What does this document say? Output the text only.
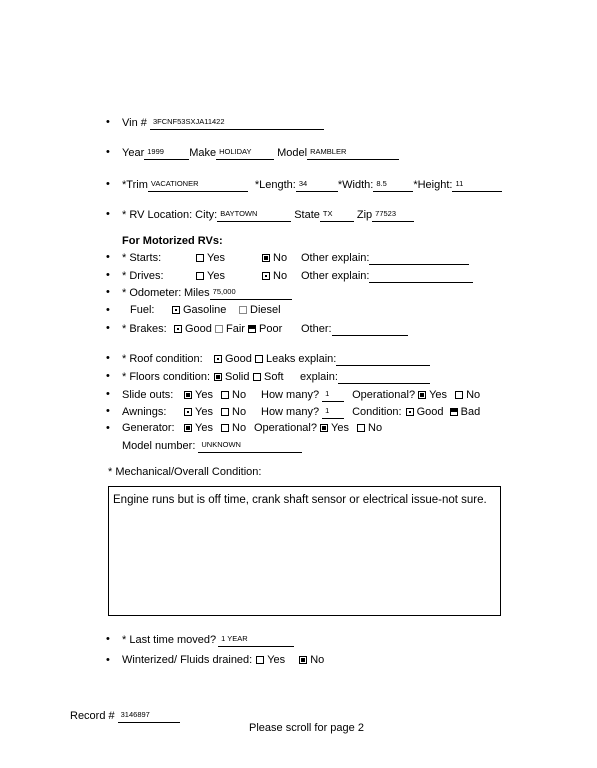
• Vin # 3FCNF53SXJA11422
• Year 1999 Make HOLIDAY Model RAMBLER
• *Trim VACATIONER	*Length: 34	*Width: 8.5 *Height: 11
• * RV Location: City: BAYTOWN	State TX Zip 77523
For Motorized RVs:
• * Starts:	Yes	No Other explain:
• * Drives:	Yes	No Other explain:
• * Odometer: Miles 75,000
• Fuel:	Gasoline Diesel
• * Brakes: Good Fair Poor Other:
• * Roof condition: Good Leaks explain:
• * Floors condition: Solid Soft explain:
• Slide outs: Yes No How many? 1 Operational? Yes No
• Awnings:	Yes No How many? 1 Condition: Good Bad
• Generator: Yes No Operational? Yes No
Model number: UNKNOWN
* Mechanical/Overall Condition:
Engine runs but is off time, crank shaft sensor or electrical issue-not sure.
• * Last time moved? 1 YEAR
• Winterized/ Fluids drained: Yes No
Record # 3146897
Please scroll for page 2
